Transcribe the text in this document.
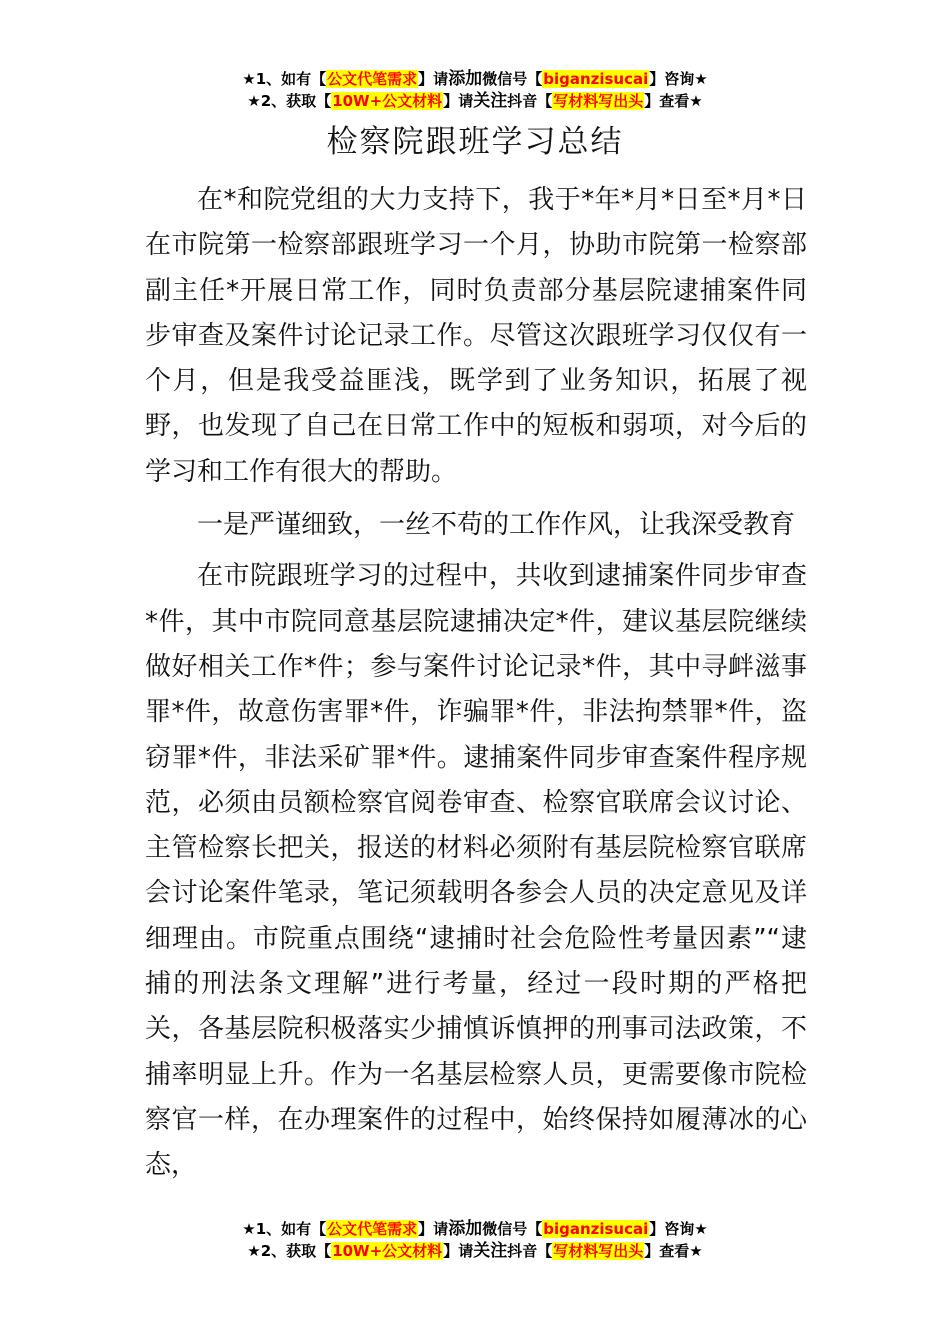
★1、如有【公文代笔需求】请添加微信号【biganzisucai】咨询★
★2、获取【10W+公文材料】请关注抖音【写材料写出头】查看★
检察院跟班学习总结

在*和院党组的大力支持下，我于*年*月*日至*月*日在市院第一检察部跟班学习一个月，协助市院第一检察部副主任*开展日常工作，同时负责部分基层院逮捕案件同步审查及案件讨论记录工作。尽管这次跟班学习仅仅有一个月，但是我受益匪浅，既学到了业务知识，拓展了视野，也发现了自己在日常工作中的短板和弱项，对今后的学习和工作有很大的帮助。

一是严谨细致，一丝不苟的工作作风，让我深受教育

在市院跟班学习的过程中，共收到逮捕案件同步审查*件，其中市院同意基层院逮捕决定*件，建议基层院继续做好相关工作*件；参与案件讨论记录*件，其中寻衅滋事罪*件，故意伤害罪*件，诈骗罪*件，非法拘禁罪*件，盗窃罪*件，非法采矿罪*件。逮捕案件同步审查案件程序规范，必须由员额检察官阅卷审查、检察官联席会议讨论、主管检察长把关，报送的材料必须附有基层院检察官联席会讨论案件笔录，笔记须载明各参会人员的决定意见及详细理由。市院重点围绕“逮捕时社会危险性考量因素”“逮捕的刑法条文理解”进行考量，经过一段时期的严格把关，各基层院积极落实少捕慎诉慎押的刑事司法政策，不捕率明显上升。作为一名基层检察人员，更需要像市院检察官一样，在办理案件的过程中，始终保持如履薄冰的心态，

★1、如有【公文代笔需求】请添加微信号【biganzisucai】咨询★
★2、获取【10W+公文材料】请关注抖音【写材料写出头】查看★
